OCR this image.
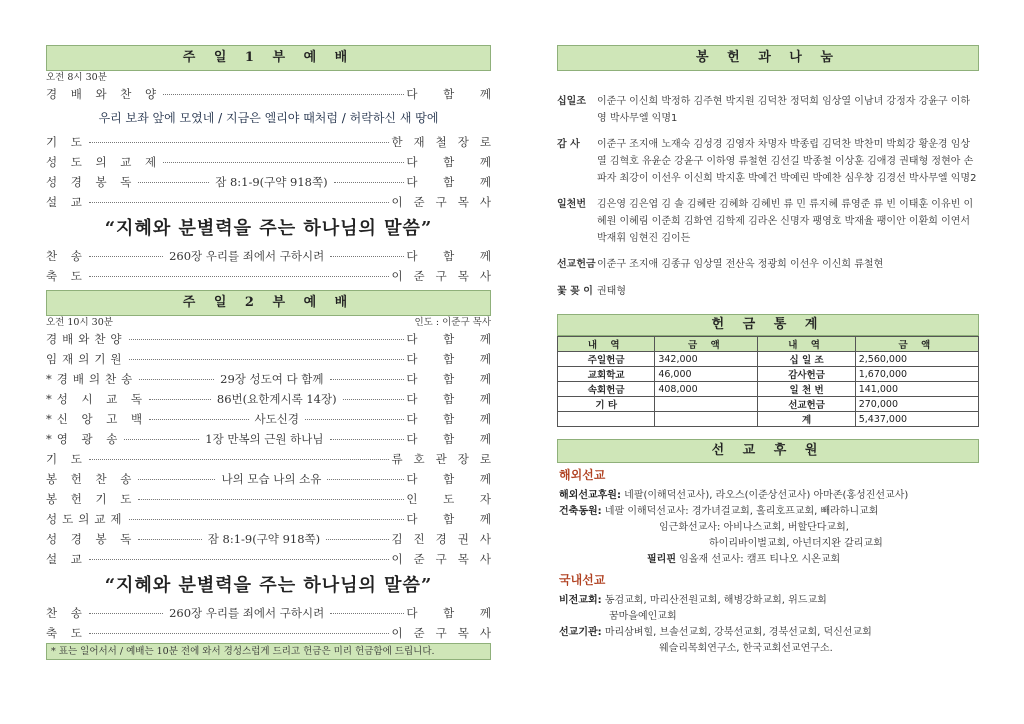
주 일 1 부 예 배
오전 8시 30분
경 배 와 찬 양	다 함 께
우리 보좌 앞에 모였네 / 지금은 엘리야 때처럼 / 허락하신 새 땅에
기 도	한재철장로
성 도 의 교 제	다 함 께
성 경 봉 독	잠 8:1-9(구약 918쪽)	다 함 께
설 교	이준구목사
“지혜와 분별력을 주는 하나님의 말씀”
찬 송	260장 우리를 죄에서 구하시려	다 함 께
축 도	이준구목사
주 일 2 부 예 배
오전 10시 30분	인도 : 이준구 목사
경배와찬양	다 함 께
임재의기원	다 함 께
*경배의찬송	29장 성도여 다 함께	다 함 께
*성 시 교 독	86번(요한계시록 14장)	다 함 께
*신 앙 고 백	사도신경	다 함 께
*영 광 송	1장 만복의 근원 하나님	다 함 께
기 도	류호관장로
봉 헌 찬 송	나의 모습 나의 소유	다 함 께
봉 헌 기 도	인 도 자
성도의교제	다 함 께
성 경 봉 독	잠 8:1-9(구약 918쪽)	김진경권사
설 교	이준구목사
“지혜와 분별력을 주는 하나님의 말씀”
찬 송	260장 우리를 죄에서 구하시려	다 함 께
축 도	이준구목사
* 표는 일어서서 / 예배는 10분 전에 와서 경성스럽게 드리고 헌금은 미리 헌금함에 드립니다.
봉 헌 과 나 눔
십일조	이준구 이신희 박정하 김주현 박지원 김덕찬 정덕희 임상열 이남녀 강정자 강윤구 이하영 박사무엘 익명1
감 사	이준구 조지애 노재숙 김성경 김영자 차명자 박종립 김덕찬 박찬미 박희강 황운경 임상열 김혁호 유윤순 강윤구 이하영 류철현 김선길 박종철 이상훈 김애경 권태형 정현아 손파자 최강이 이선우 이신희 박지훈 박예건 박예린 박예찬 심우창 김경선 박사무엘 익명2
일천번	김은영 김은엽 김 솔 김혜란 김혜화 김혜빈 류 민 류지혜 류영준 류 빈 이태훈 이유빈 이혜원 이혜림 이준희 김화연 김학제 김라온 신명자 팽영호 박재율 팽이안 이환희 이연서 박재휘 임현진 김이든
선교헌금 이준구 조지애 김종규 임상열 전산옥 정광희 이선우 이신희 류철현
꽃 꽂 이 권태형
헌 금 통 계
내 역	금 액	내 역	금 액
주일헌금	342,000	십 일 조	2,560,000
교회학교	46,000	감사헌금	1,670,000
속회헌금	408,000	일 천 번	141,000
기 타		선교헌금	270,000
		계	5,437,000
선 교 후 원
해외선교
해외선교후원: 네팔(이해덕선교사), 라오스(이준상선교사) 아마존(홍성진선교사)
건축동원: 네팔 이해덕선교사: 경가녀걸교회, 홀리호프교회, 빼라하니교회
임근화선교사: 아비나스교회, 버할단다교회,
하이리바이벌교회, 아넌더지완 갈리교회
필리핀 임올재 선교사: 캠프 티나오 시온교회
국내선교
비전교회: 동검교회, 마리산전원교회, 해병강화교회, 위드교회
꿈마을예인교회
선교기관: 마리삼벼힐, 브솔선교회, 강북선교회, 경북선교회, 덕신선교회
웨슬리목회연구소, 한국교회선교연구소.
